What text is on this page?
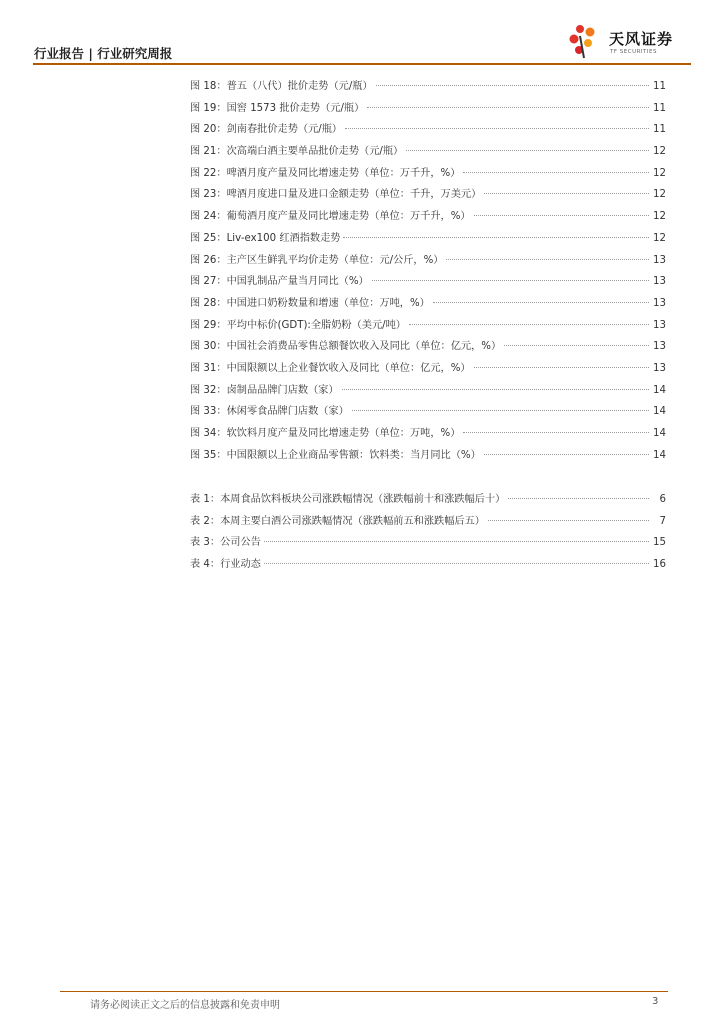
行业报告 | 行业研究周报
天风证券
TF SECURITIES
图 18：普五（八代）批价走势（元/瓶）	11
图 19：国窖 1573 批价走势（元/瓶）	11
图 20：剑南春批价走势（元/瓶）	11
图 21：次高端白酒主要单品批价走势（元/瓶）	12
图 22：啤酒月度产量及同比增速走势（单位：万千升，%）	12
图 23：啤酒月度进口量及进口金额走势（单位：千升，万美元）	12
图 24：葡萄酒月度产量及同比增速走势（单位：万千升，%）	12
图 25：Liv-ex100 红酒指数走势	12
图 26：主产区生鲜乳平均价走势（单位：元/公斤，%）	13
图 27：中国乳制品产量当月同比（%）	13
图 28：中国进口奶粉数量和增速（单位：万吨，%）	13
图 29：平均中标价(GDT):全脂奶粉（美元/吨）	13
图 30：中国社会消费品零售总额餐饮收入及同比（单位：亿元，%）	13
图 31：中国限额以上企业餐饮收入及同比（单位：亿元，%）	13
图 32：卤制品品牌门店数（家）	14
图 33：休闲零食品牌门店数（家）	14
图 34：软饮料月度产量及同比增速走势（单位：万吨，%）	14
图 35：中国限额以上企业商品零售额：饮料类：当月同比（%）	14
表 1：本周食品饮料板块公司涨跌幅情况（涨跌幅前十和涨跌幅后十）	6
表 2：本周主要白酒公司涨跌幅情况（涨跌幅前五和涨跌幅后五）	7
表 3：公司公告	15
表 4：行业动态	16
请务必阅读正文之后的信息披露和免责申明	3
